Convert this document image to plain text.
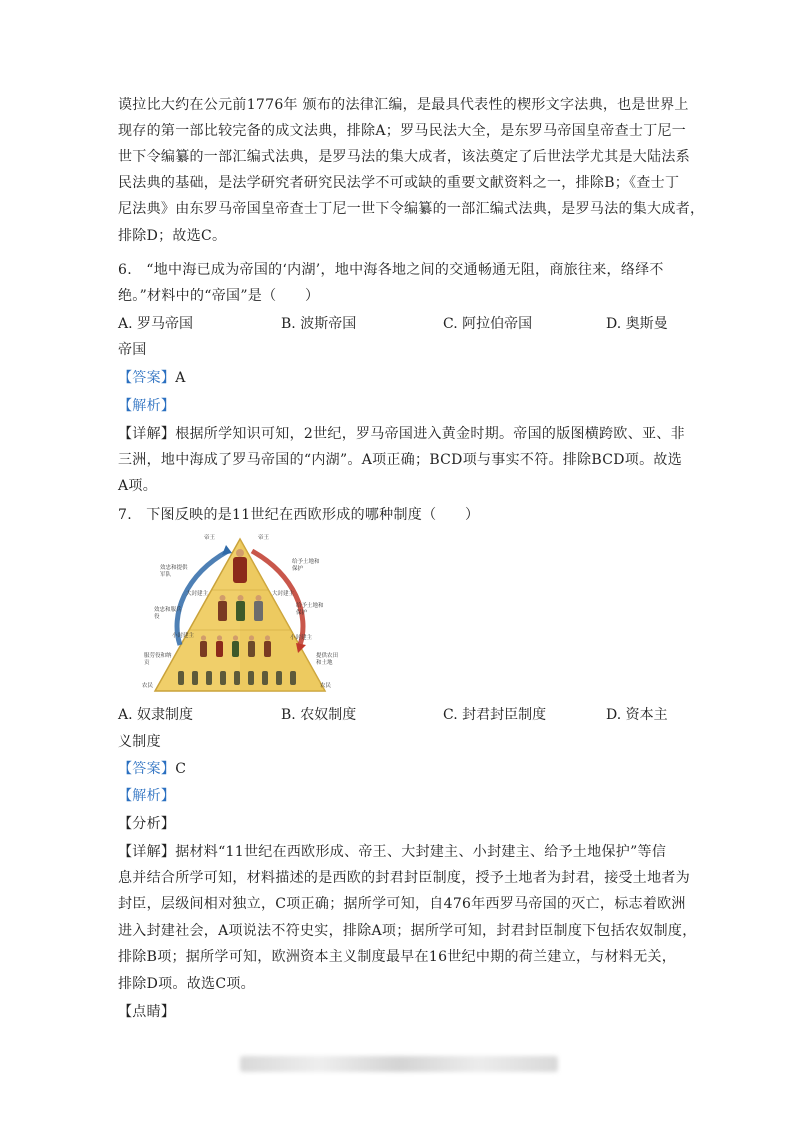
谟拉比大约在公元前1776年 颁布的法律汇编，是最具代表性的楔形文字法典，也是世界上
现存的第一部比较完备的成文法典，排除A；罗马民法大全，是东罗马帝国皇帝查士丁尼一
世下令编纂的一部汇编式法典，是罗马法的集大成者，该法奠定了后世法学尤其是大陆法系
民法典的基础，是法学研究者研究民法学不可或缺的重要文献资料之一，排除B；《查士丁
尼法典》由东罗马帝国皇帝查士丁尼一世下令编纂的一部汇编式法典，是罗马法的集大成者，
排除D；故选C。
6.　“地中海已成为帝国的‘内湖’，地中海各地之间的交通畅通无阻，商旅往来，络绎不
绝。”材料中的“帝国”是（　　）
A. 罗马帝国	B. 波斯帝国	C. 阿拉伯帝国	D. 奥斯曼
帝国
【答案】A
【解析】
【详解】根据所学知识可知，2世纪，罗马帝国进入黄金时期。帝国的版图横跨欧、亚、非
三洲，地中海成了罗马帝国的“内湖”。A项正确；BCD项与事实不符。排除BCD项。故选
A项。
7.　下图反映的是11世纪在西欧形成的哪种制度（　　）
帝王	帝王
效忠和提供军队
给予土地和保护
大封建主	大封建主
效忠和服兵役
给予土地和保护
小封建主	小封建主
服劳役和纳贡
提供农田和土地
农民	农民
A. 奴隶制度	B. 农奴制度	C. 封君封臣制度	D. 资本主
义制度
【答案】C
【解析】
【分析】
【详解】据材料“11世纪在西欧形成、帝王、大封建主、小封建主、给予土地保护”等信
息并结合所学可知，材料描述的是西欧的封君封臣制度，授予土地者为封君，接受土地者为
封臣，层级间相对独立，C项正确；据所学可知，自476年西罗马帝国的灭亡，标志着欧洲
进入封建社会，A项说法不符史实，排除A项；据所学可知，封君封臣制度下包括农奴制度，
排除B项；据所学可知，欧洲资本主义制度最早在16世纪中期的荷兰建立，与材料无关，
排除D项。故选C项。
【点睛】
